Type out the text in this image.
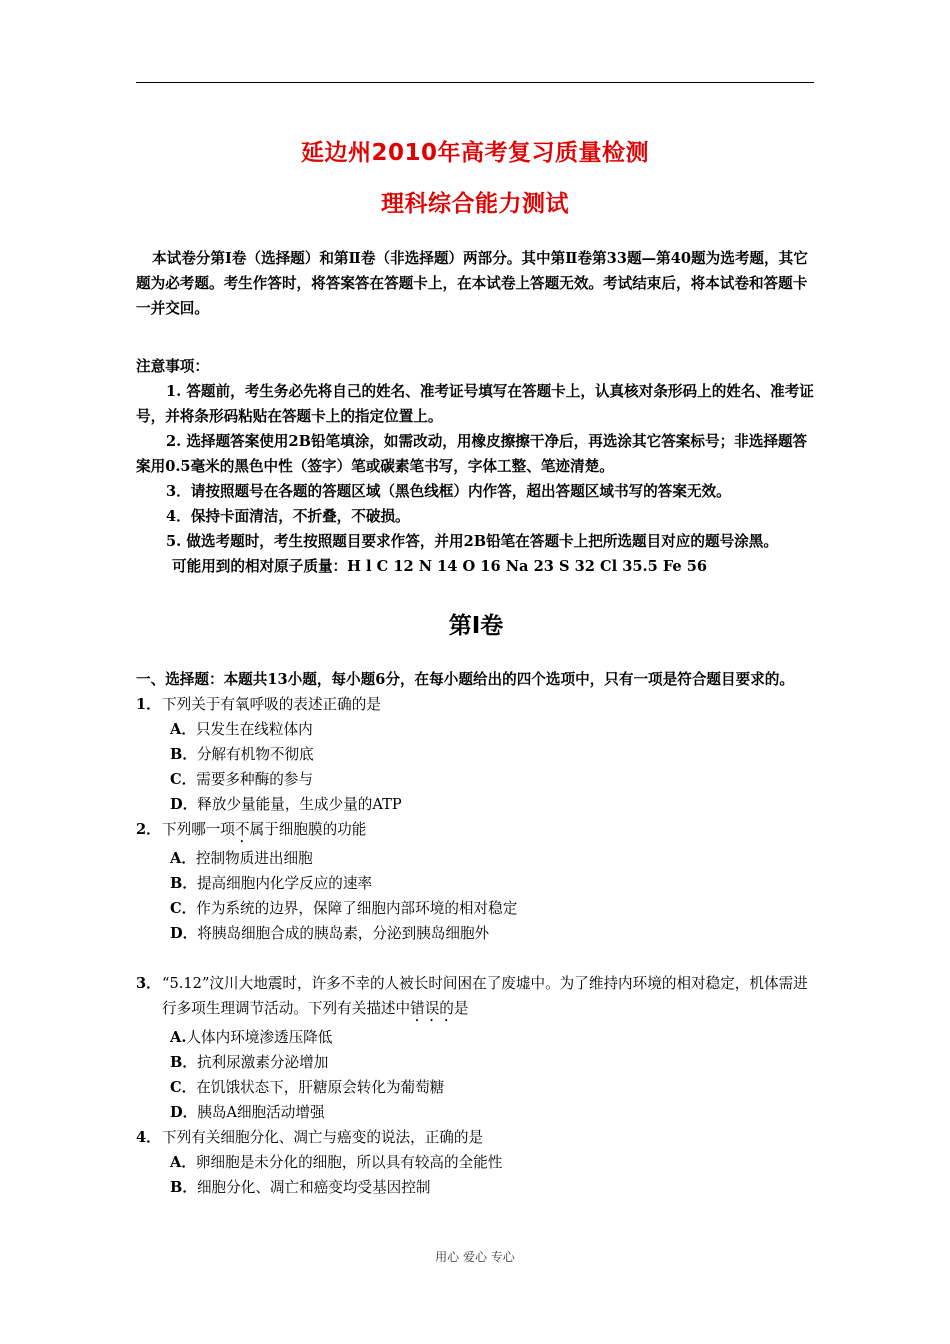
延边州2010年高考复习质量检测
理科综合能力测试

本试卷分第Ⅰ卷（选择题）和第Ⅱ卷（非选择题）两部分。其中第Ⅱ卷第33题—第40题为选考题，其它题为必考题。考生作答时，将答案答在答题卡上，在本试卷上答题无效。考试结束后，将本试卷和答题卡一并交回。

注意事项：

1. 答题前，考生务必先将自己的姓名、准考证号填写在答题卡上，认真核对条形码上的姓名、准考证号，并将条形码粘贴在答题卡上的指定位置上。

2. 选择题答案使用2B铅笔填涂，如需改动，用橡皮擦擦干净后，再选涂其它答案标号；非选择题答案用0.5毫米的黑色中性（签字）笔或碳素笔书写，字体工整、笔迹清楚。

3．请按照题号在各题的答题区域（黑色线框）内作答，超出答题区域书写的答案无效。

4．保持卡面清洁，不折叠，不破损。

5. 做选考题时，考生按照题目要求作答，并用2B铅笔在答题卡上把所选题目对应的题号涂黑。

可能用到的相对原子质量：H l C 12 N 14 O 16 Na 23 S 32 Cl 35.5 Fe 56

第Ⅰ卷

一、选择题：本题共13小题，每小题6分，在每小题给出的四个选项中，只有一项是符合题目要求的。

1．下列关于有氧呼吸的表述正确的是

A．只发生在线粒体内

B．分解有机物不彻底

C．需要多种酶的参与

D．释放少量能量，生成少量的ATP

2．下列哪一项不属于细胞膜的功能

A．控制物质进出细胞

B．提高细胞内化学反应的速率

C．作为系统的边界，保障了细胞内部环境的相对稳定

D．将胰岛细胞合成的胰岛素，分泌到胰岛细胞外

3．“5.12”汶川大地震时，许多不幸的人被长时间困在了废墟中。为了维持内环境的相对稳定，机体需进行多项生理调节活动。下列有关描述中错误的是

A.人体内环境渗透压降低

B．抗利尿激素分泌增加

C．在饥饿状态下，肝糖原会转化为葡萄糖

D．胰岛A细胞活动增强

4．下列有关细胞分化、凋亡与癌变的说法，正确的是

A．卵细胞是未分化的细胞，所以具有较高的全能性

B．细胞分化、凋亡和癌变均受基因控制

用心 爱心 专心
